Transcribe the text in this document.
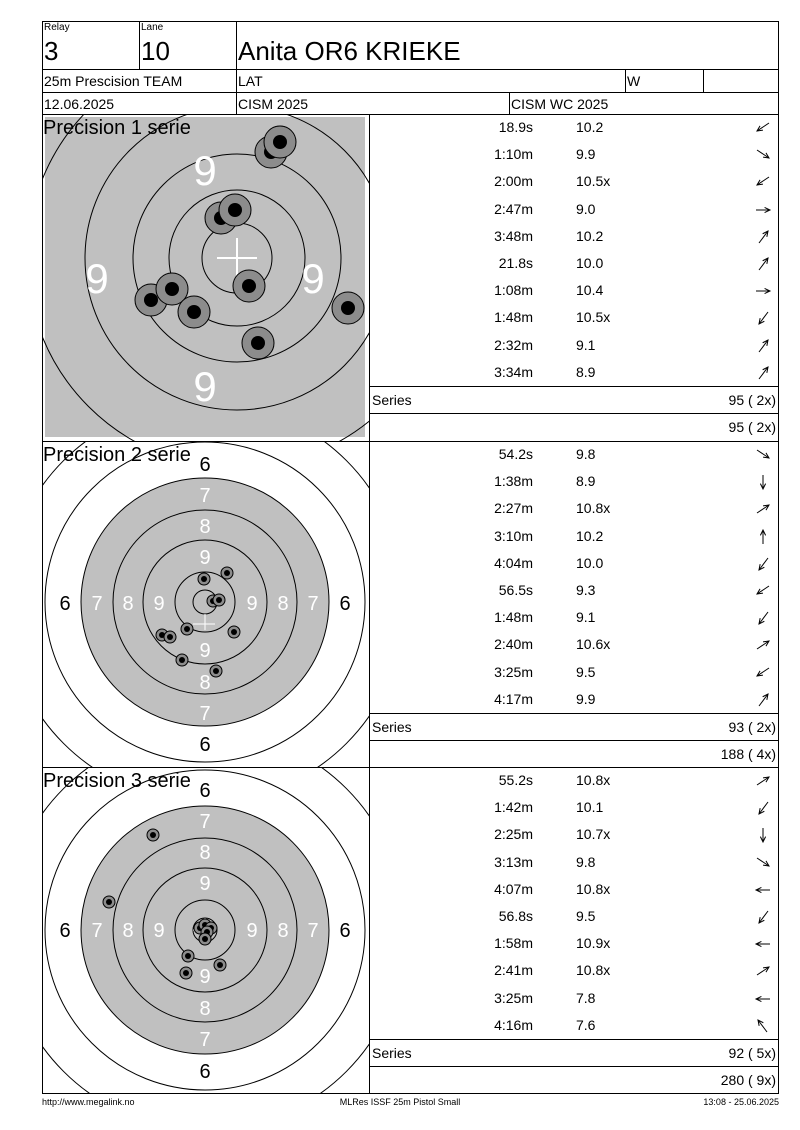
Relay
3
Lane
10	Anita OR6 KRIEKE
25m Prescision TEAM	LAT	W
12.06.2025	CISM 2025	CISM WC 2025
9
9	9
9
Precision 1 serie	18.9s	10.2
1:10m	9.9
2:00m	10.5x
2:47m	9.0
3:48m	10.2
21.8s	10.0
1:08m	10.4
1:48m	10.5x
2:32m	9.1
3:34m	8.9
Series	95 ( 2x)
95 ( 2x)
6
6
6	6
7
7
7	7
8
8
8	8
9
9
9	9
Precision 2 serie	54.2s	9.8
1:38m	8.9
2:27m	10.8x
3:10m	10.2
4:04m	10.0
56.5s	9.3
1:48m	9.1
2:40m	10.6x
3:25m	9.5
4:17m	9.9
Series	93 ( 2x)
188 ( 4x)
6
6
6	6
7
7
7	7
8
8
8	8
9
9
9	9
Precision 3 serie	55.2s	10.8x
1:42m	10.1
2:25m	10.7x
3:13m	9.8
4:07m	10.8x
56.8s	9.5
1:58m	10.9x
2:41m	10.8x
3:25m	7.8
4:16m	7.6
Series	92 ( 5x)
280 ( 9x)
http://www.megalink.no	MLRes ISSF 25m Pistol Small	13:08 - 25.06.2025
